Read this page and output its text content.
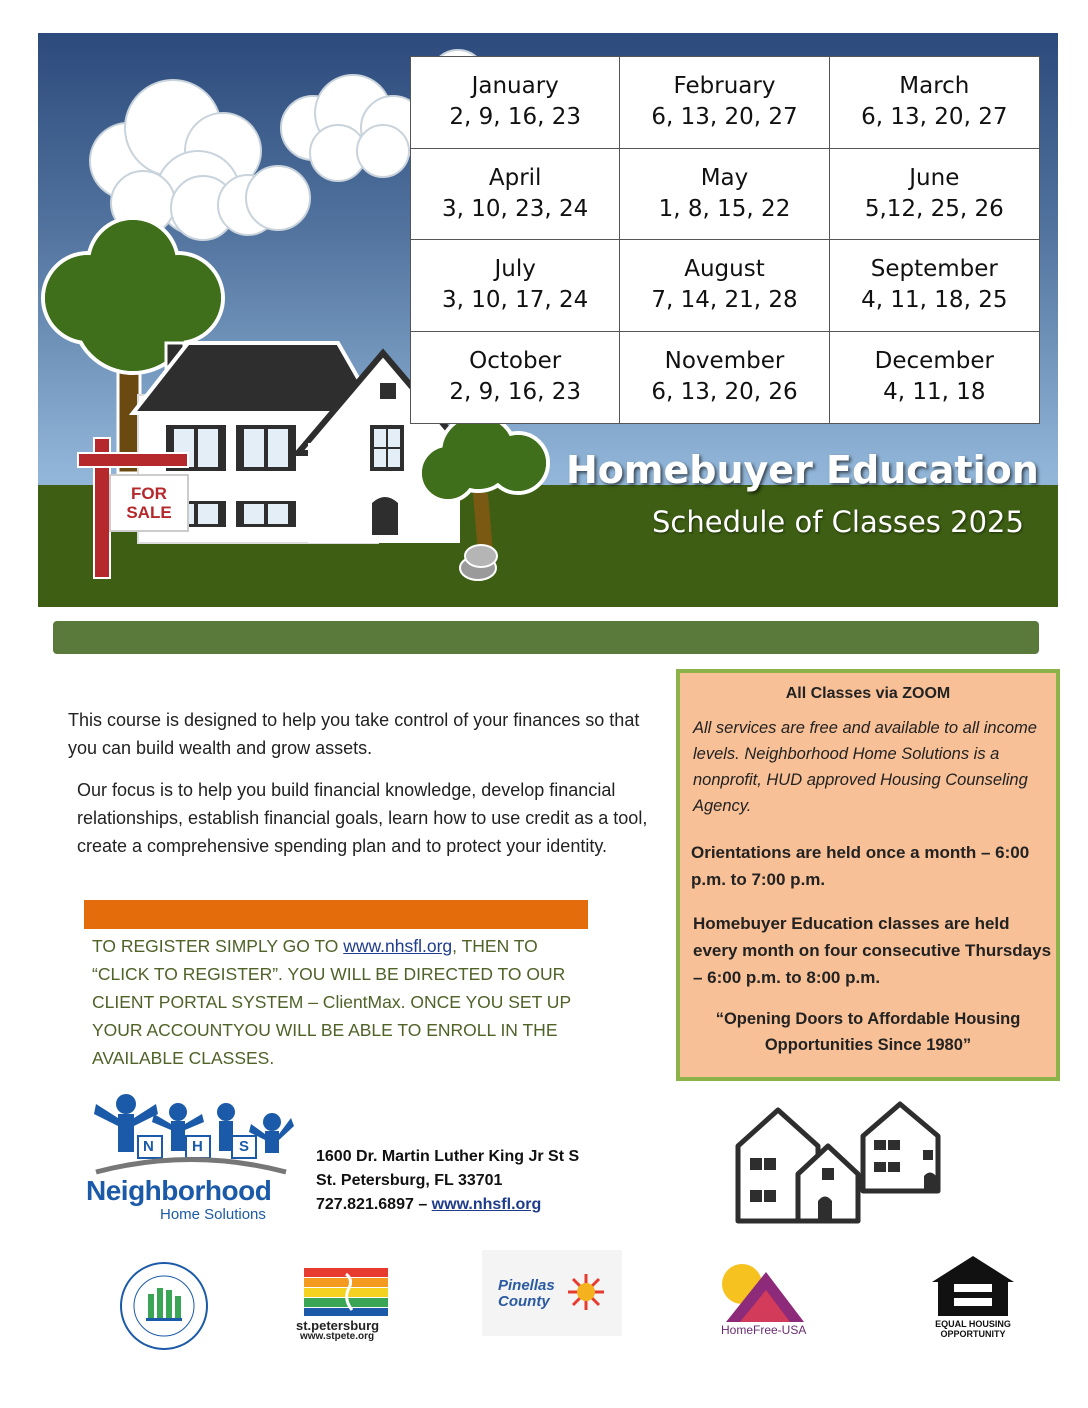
FOR
SALE
January
2, 9, 16, 23
February
6, 13, 20, 27
March
6, 13, 20, 27
April
3, 10, 23, 24
May
1, 8, 15, 22
June
5,12, 25, 26
July
3, 10, 17, 24
August
7, 14, 21, 28
September
4, 11, 18, 25
October
2, 9, 16, 23
November
6, 13, 20, 26
December
4, 11, 18
Homebuyer Education
Schedule of Classes 2025
This course is designed to help you take control of your finances so that you can build wealth and grow assets.
Our focus is to help you build financial knowledge, develop financial relationships, establish financial goals, learn how to use credit as a tool, create a comprehensive spending plan and to protect your identity.
TO REGISTER SIMPLY GO TO www.nhsfl.org, THEN TO “CLICK TO REGISTER”. YOU WILL BE DIRECTED TO OUR CLIENT PORTAL SYSTEM – ClientMax. ONCE YOU SET UP YOUR ACCOUNTYOU WILL BE ABLE TO ENROLL IN THE AVAILABLE CLASSES.
All Classes via ZOOM
All services are free and available to all income levels. Neighborhood Home Solutions is a nonprofit, HUD approved Housing Counseling Agency.
Orientations are held once a month – 6:00 p.m. to 7:00 p.m.
Homebuyer Education classes are held every month on four consecutive Thursdays – 6:00 p.m. to 8:00 p.m.
“Opening Doors to Affordable Housing Opportunities Since 1980”
N	H S
Neighborhood
Home Solutions
1600 Dr. Martin Luther King Jr St S
St. Petersburg, FL 33701
727.821.6897 – www.nhsfl.org
st.petersburg
www.stpete.org
Pinellas County
HomeFree-USA	EQUAL HOUSING OPPORTUNITY
